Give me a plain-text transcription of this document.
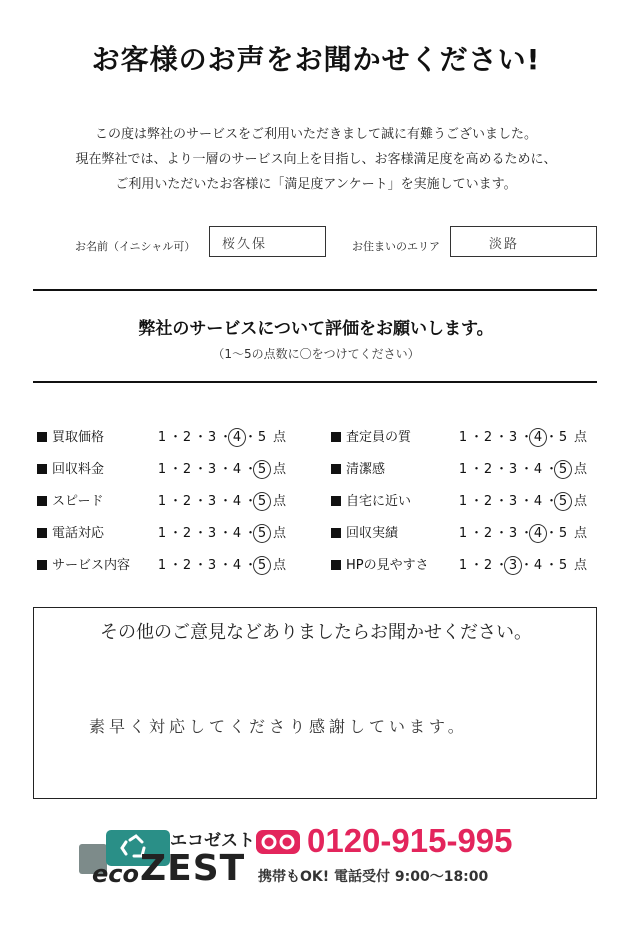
お客様のお声をお聞かせください!
この度は弊社のサービスをご利用いただきまして誠に有難うございました。
現在弊社では、より一層のサービス向上を目指し、お客様満足度を高めるために、
ご利用いただいたお客様に「満足度アンケート」を実施しています。
お名前（イニシャル可）	桜久保	お住まいのエリア	淡路
弊社のサービスについて評価をお願いします。
（1〜5の点数に〇をつけてください）
買取価格	1 ・2 ・3 ・4 ・5 点
回収料金	1 ・2 ・3 ・4 ・5 点
スピード	1 ・2 ・3 ・4 ・5 点
電話対応	1 ・2 ・3 ・4 ・5 点
サービス内容 1 ・2 ・3 ・4 ・5 点
査定員の質	1 ・2 ・3 ・4 ・5 点
清潔感	1 ・2 ・3 ・4 ・5 点
自宅に近い	1 ・2 ・3 ・4 ・5 点
回収実績	1 ・2 ・3 ・4 ・5 点
HPの見やすさ 1 ・2 ・3 ・4 ・5 点
その他のご意見などありましたらお聞かせください。
素早く対応してくださり感謝しています。
エコゼスト
eco ZEST
0120-915-995
携帯もOK! 電話受付 9:00〜18:00
